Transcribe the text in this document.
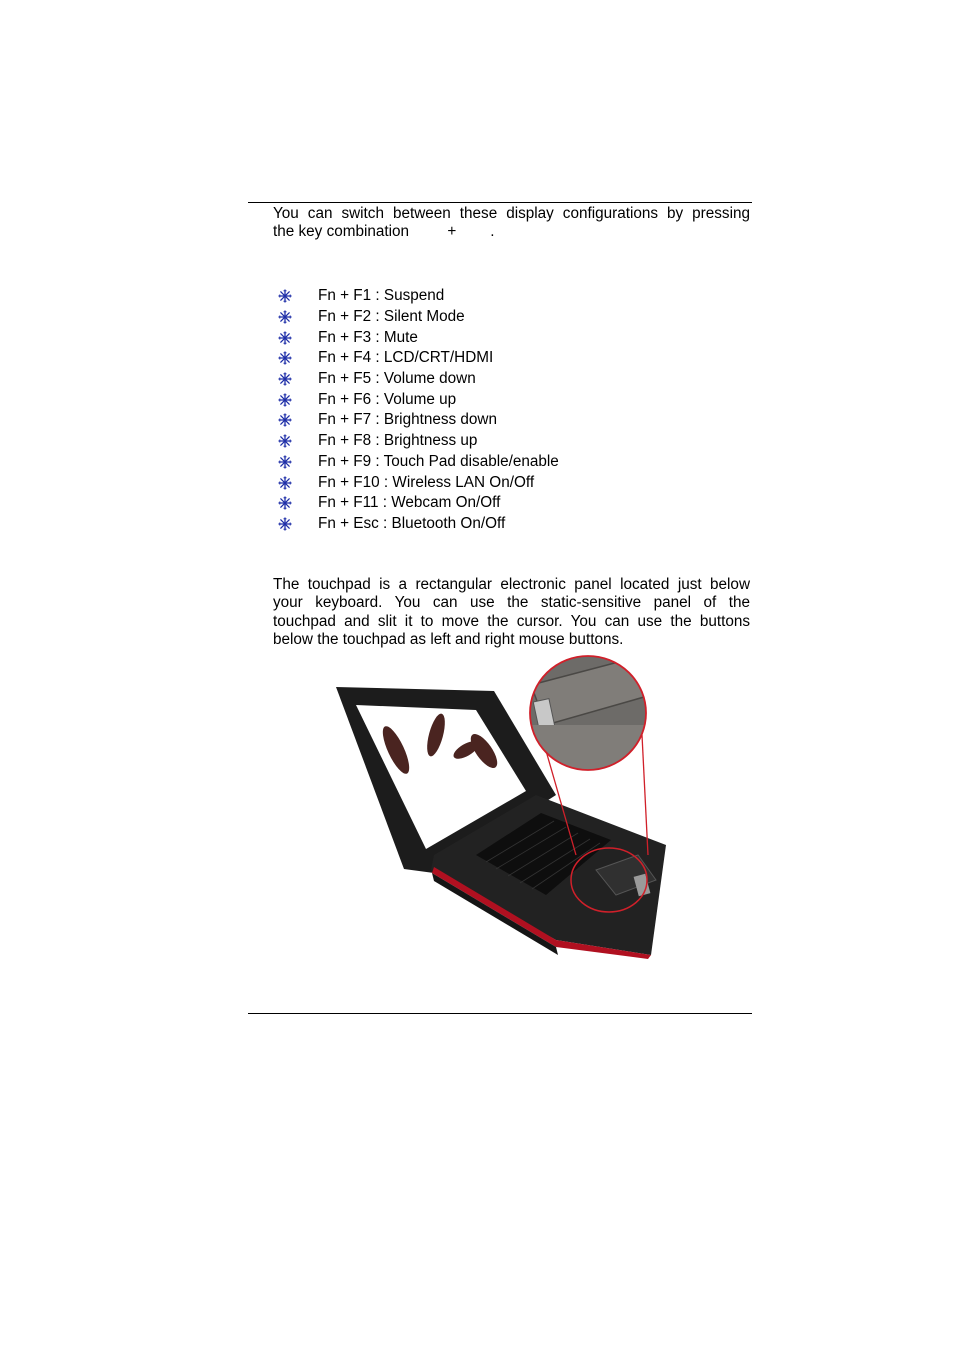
You can switch between these display configurations by pressing
the key combination	+ .

Fn + F1 : Suspend
Fn + F2 : Silent Mode
Fn + F3 : Mute
Fn + F4 : LCD/CRT/HDMI
Fn + F5 : Volume down
Fn + F6 : Volume up
Fn + F7 : Brightness down
Fn + F8 : Brightness up
Fn + F9 : Touch Pad disable/enable
Fn + F10 : Wireless LAN On/Off
Fn + F11 : Webcam On/Off
Fn + Esc : Bluetooth On/Off

The touchpad is a rectangular electronic panel located just below
your keyboard. You can use the static-sensitive panel of the
touchpad and slit it to move the cursor. You can use the buttons
below the touchpad as left and right mouse buttons.
